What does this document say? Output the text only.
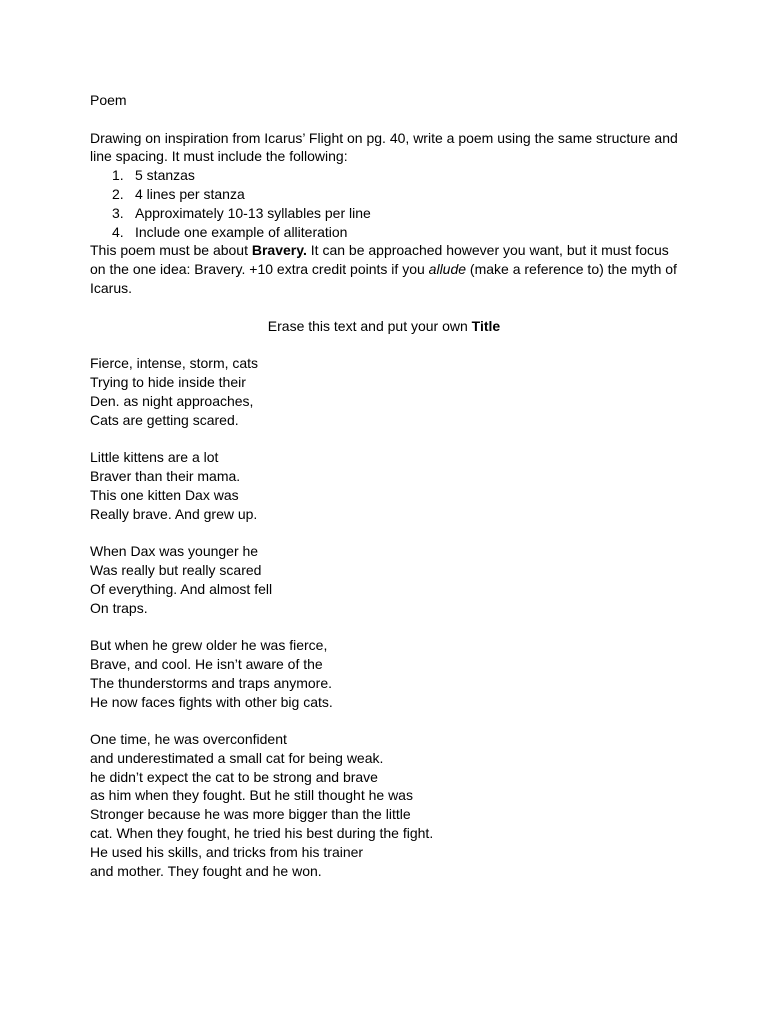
Poem
Drawing on inspiration from Icarus’ Flight on pg. 40, write a poem using the same structure and
line spacing. It must include the following:
1. 5 stanzas
2. 4 lines per stanza
3. Approximately 10-13 syllables per line
4. Include one example of alliteration
This poem must be about Bravery. It can be approached however you want, but it must focus
on the one idea: Bravery. +10 extra credit points if you allude (make a reference to) the myth of
Icarus.
Erase this text and put your own Title
Fierce, intense, storm, cats
Trying to hide inside their
Den. as night approaches,
Cats are getting scared.
Little kittens are a lot
Braver than their mama.
This one kitten Dax was
Really brave. And grew up.
When Dax was younger he
Was really but really scared
Of everything. And almost fell
On traps.
But when he grew older he was fierce,
Brave, and cool. He isn’t aware of the
The thunderstorms and traps anymore.
He now faces fights with other big cats.
One time, he was overconfident
and underestimated a small cat for being weak.
he didn’t expect the cat to be strong and brave
as him when they fought. But he still thought he was
Stronger because he was more bigger than the little
cat. When they fought, he tried his best during the fight.
He used his skills, and tricks from his trainer
and mother. They fought and he won.
